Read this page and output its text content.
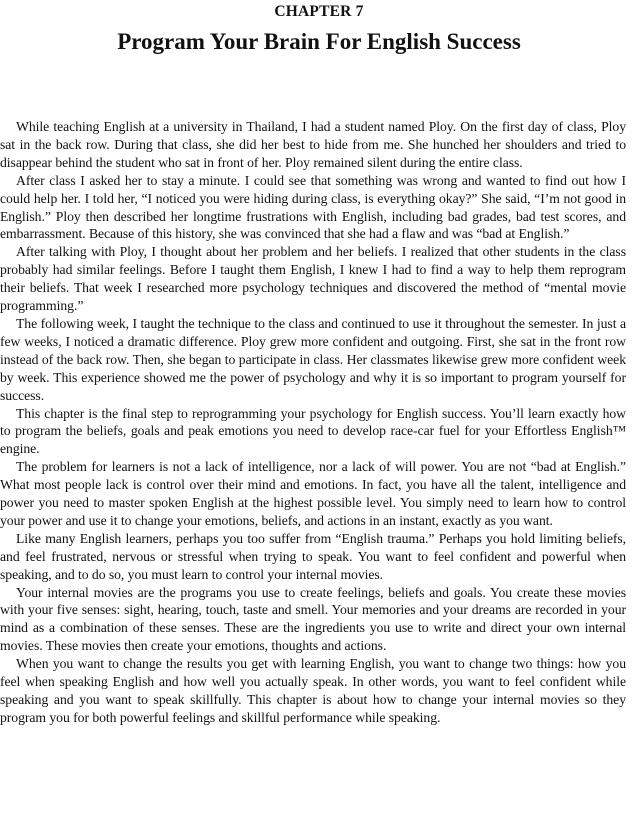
CHAPTER 7
Program Your Brain For English Success

While teaching English at a university in Thailand, I had a student named Ploy. On the first day of class, Ploy sat in the back row. During that class, she did her best to hide from me. She hunched her shoulders and tried to disappear behind the student who sat in front of her. Ploy remained silent during the entire class.

After class I asked her to stay a minute. I could see that something was wrong and wanted to find out how I could help her. I told her, “I noticed you were hiding during class, is everything okay?” She said, “I’m not good in English.” Ploy then described her longtime frustrations with English, including bad grades, bad test scores, and embarrassment. Because of this history, she was convinced that she had a flaw and was “bad at English.”

After talking with Ploy, I thought about her problem and her beliefs. I realized that other students in the class probably had similar feelings. Before I taught them English, I knew I had to find a way to help them reprogram their beliefs. That week I researched more psychology techniques and discovered the method of “mental movie programming.”

The following week, I taught the technique to the class and continued to use it throughout the semester. In just a few weeks, I noticed a dramatic difference. Ploy grew more confident and outgoing. First, she sat in the front row instead of the back row. Then, she began to participate in class. Her classmates likewise grew more confident week by week. This experience showed me the power of psychology and why it is so important to program yourself for success.

This chapter is the final step to reprogramming your psychology for English success. You’ll learn exactly how to program the beliefs, goals and peak emotions you need to develop race-car fuel for your Effortless English™ engine.

The problem for learners is not a lack of intelligence, nor a lack of will power. You are not “bad at English.” What most people lack is control over their mind and emotions. In fact, you have all the talent, intelligence and power you need to master spoken English at the highest possible level. You simply need to learn how to control your power and use it to change your emotions, beliefs, and actions in an instant, exactly as you want.

Like many English learners, perhaps you too suffer from “English trauma.” Perhaps you hold limiting beliefs, and feel frustrated, nervous or stressful when trying to speak. You want to feel confident and powerful when speaking, and to do so, you must learn to control your internal movies.

Your internal movies are the programs you use to create feelings, beliefs and goals. You create these movies with your five senses: sight, hearing, touch, taste and smell. Your memories and your dreams are recorded in your mind as a combination of these senses. These are the ingredients you use to write and direct your own internal movies. These movies then create your emotions, thoughts and actions.

When you want to change the results you get with learning English, you want to change two things: how you feel when speaking English and how well you actually speak. In other words, you want to feel confident while speaking and you want to speak skillfully. This chapter is about how to change your internal movies so they program you for both powerful feelings and skillful performance while speaking.
